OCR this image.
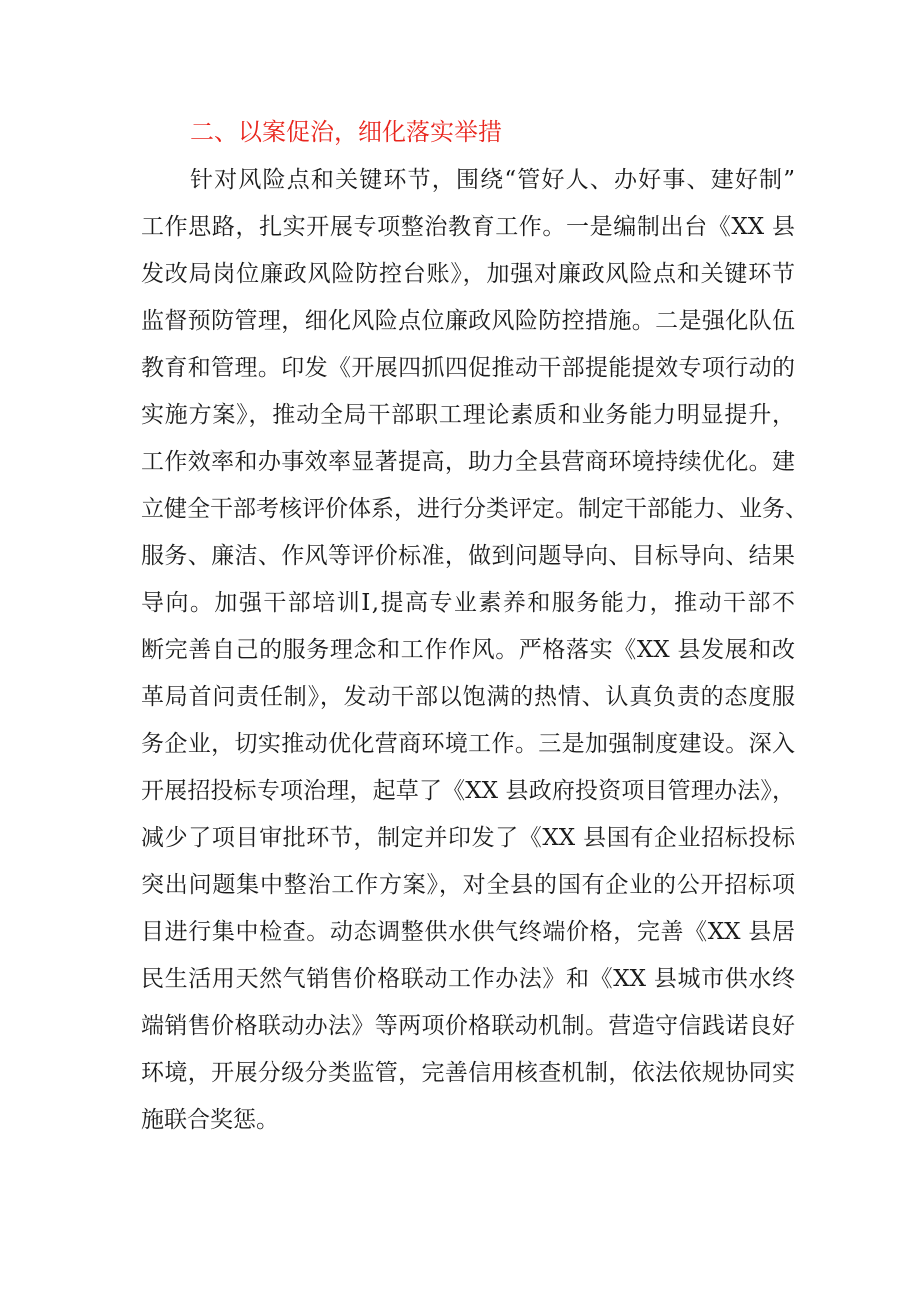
二、以案促治，细化落实举措
针对风险点和关键环节，围绕“管好人、办好事、建好制”
工作思路，扎实开展专项整治教育工作。一是编制出台《XX 县
发改局岗位廉政风险防控台账》，加强对廉政风险点和关键环节
监督预防管理，细化风险点位廉政风险防控措施。二是强化队伍
教育和管理。印发《开展四抓四促推动干部提能提效专项行动的
实施方案》，推动全局干部职工理论素质和业务能力明显提升，
工作效率和办事效率显著提高，助力全县营商环境持续优化。建
立健全干部考核评价体系，进行分类评定。制定干部能力、业务、
服务、廉洁、作风等评价标准，做到问题导向、目标导向、结果
导向。加强干部培训Ⅰ,提高专业素养和服务能力，推动干部不
断完善自己的服务理念和工作作风。严格落实《XX 县发展和改
革局首问责任制》，发动干部以饱满的热情、认真负责的态度服
务企业，切实推动优化营商环境工作。三是加强制度建设。深入
开展招投标专项治理，起草了《XX 县政府投资项目管理办法》，
减少了项目审批环节，制定并印发了《XX 县国有企业招标投标
突出问题集中整治工作方案》，对全县的国有企业的公开招标项
目进行集中检查。动态调整供水供气终端价格，完善《XX 县居
民生活用天然气销售价格联动工作办法》和《XX 县城市供水终
端销售价格联动办法》等两项价格联动机制。营造守信践诺良好
环境，开展分级分类监管，完善信用核查机制，依法依规协同实
施联合奖惩。
